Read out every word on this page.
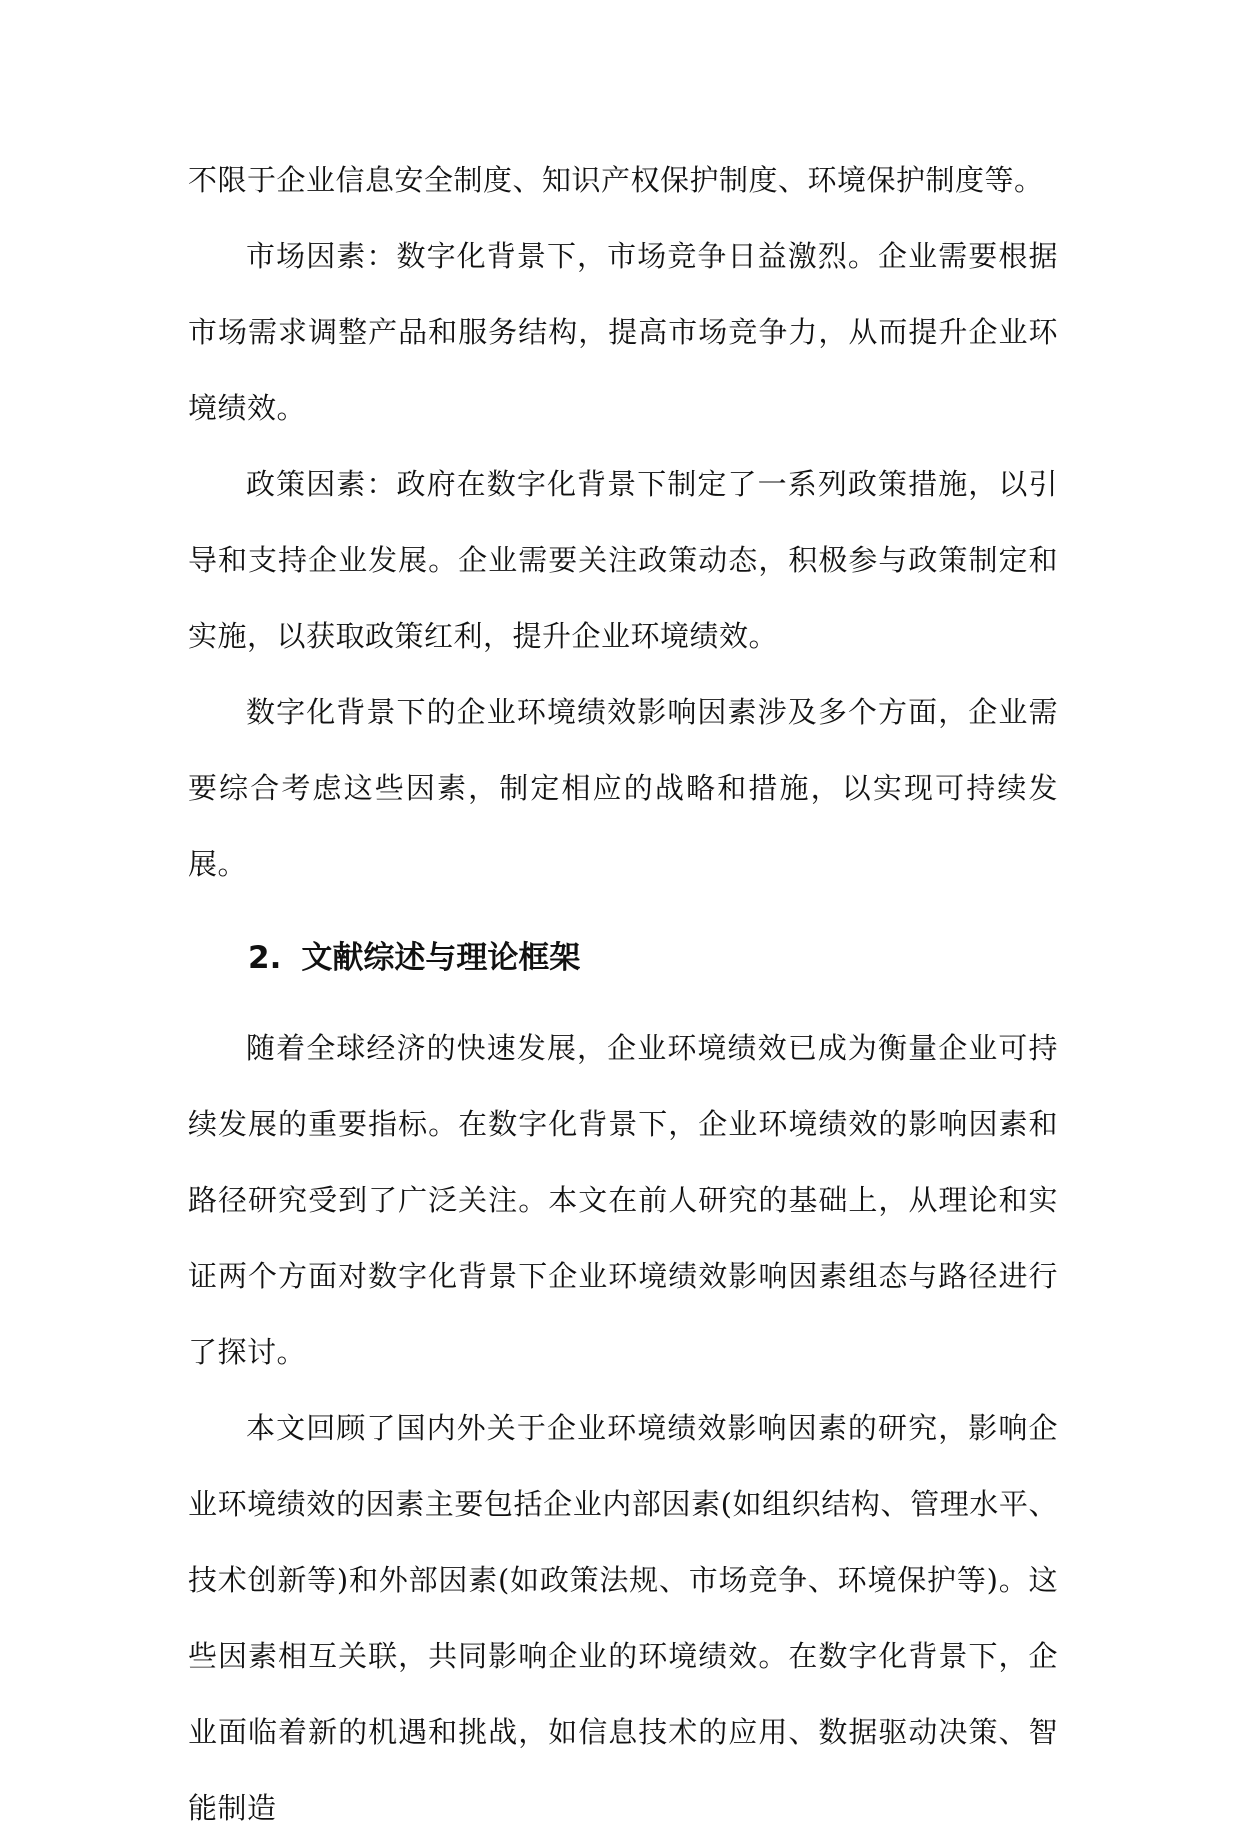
不限于企业信息安全制度、知识产权保护制度、环境保护制度等。

市场因素：数字化背景下，市场竞争日益激烈。企业需要根据市场需求调整产品和服务结构，提高市场竞争力，从而提升企业环境绩效。

政策因素：政府在数字化背景下制定了一系列政策措施，以引导和支持企业发展。企业需要关注政策动态，积极参与政策制定和实施，以获取政策红利，提升企业环境绩效。

数字化背景下的企业环境绩效影响因素涉及多个方面，企业需要综合考虑这些因素，制定相应的战略和措施，以实现可持续发展。

2. 文献综述与理论框架

随着全球经济的快速发展，企业环境绩效已成为衡量企业可持续发展的重要指标。在数字化背景下，企业环境绩效的影响因素和路径研究受到了广泛关注。本文在前人研究的基础上，从理论和实证两个方面对数字化背景下企业环境绩效影响因素组态与路径进行了探讨。

本文回顾了国内外关于企业环境绩效影响因素的研究，影响企业环境绩效的因素主要包括企业内部因素(如组织结构、管理水平、技术创新等)和外部因素(如政策法规、市场竞争、环境保护等)。这些因素相互关联，共同影响企业的环境绩效。在数字化背景下，企业面临着新的机遇和挑战，如信息技术的应用、数据驱动决策、智能制造
